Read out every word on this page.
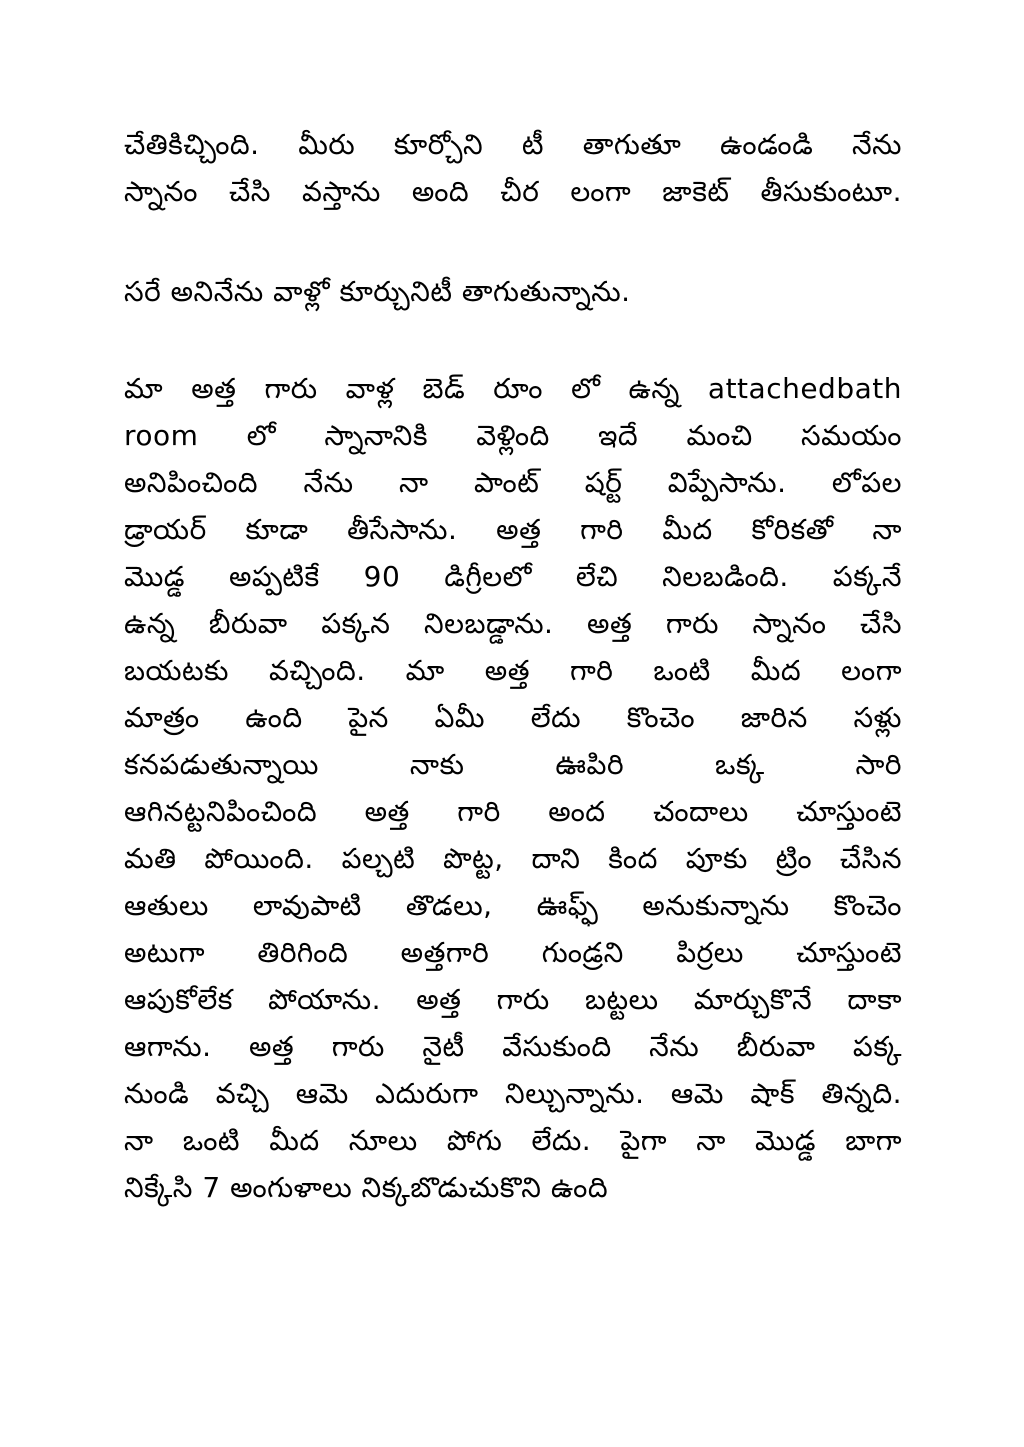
చేతికిచ్చింది. మీరు కూర్చోని టీ తాగుతూ ఉండండి నేను
స్నానం చేసి వస్తాను అంది చీర లంగా జాకెట్ తీసుకుంటూ.
సరే అనినేను వాళ్లో కూర్చునిటీ తాగుతున్నాను.
మా అత్త గారు వాళ్ల బెడ్ రూం లో ఉన్న attachedbath
room లో స్నానానికి వెళ్లింది ఇదే మంచి సమయం
అనిపించింది నేను నా పాంట్ షర్ట్ విప్పేసాను. లోపల
డ్రాయర్ కూడా తీసేసాను. అత్త గారి మీద కోరికతో నా
మొడ్డ అప్పటికే 90 డిగ్రీలలో లేచి నిలబడింది. పక్కనే
ఉన్న బీరువా పక్కన నిలబడ్డాను. అత్త గారు స్నానం చేసి
బయటకు వచ్చింది. మా అత్త గారి ఒంటి మీద లంగా
మాత్రం ఉంది పైన ఏమీ లేదు కొంచెం జారిన సళ్లు
కనపడుతున్నాయి నాకు ఊపిరి ఒక్క సారి
ఆగినట్టనిపించింది అత్త గారి అంద చందాలు చూస్తుంటె
మతి పోయింది. పల్చటి పొట్ట, దాని కింద పూకు ట్రిం చేసిన
ఆతులు లావుపాటి తొడలు, ఊఫ్ఫ్ అనుకున్నాను కొంచెం
అటుగా తిరిగింది అత్తగారి గుండ్రని పిర్రలు చూస్తుంటె
ఆపుకోలేక పోయాను. అత్త గారు బట్టలు మార్చుకొనే దాకా
ఆగాను. అత్త గారు నైటీ వేసుకుంది నేను బీరువా పక్క
నుండి వచ్చి ఆమె ఎదురుగా నిల్చున్నాను. ఆమె షాక్ తిన్నది.
నా ఒంటి మీద నూలు పోగు లేదు. పైగా నా మొడ్డ బాగా
నిక్కేసి 7 అంగుళాలు నిక్కబొడుచుకొని ఉంది
